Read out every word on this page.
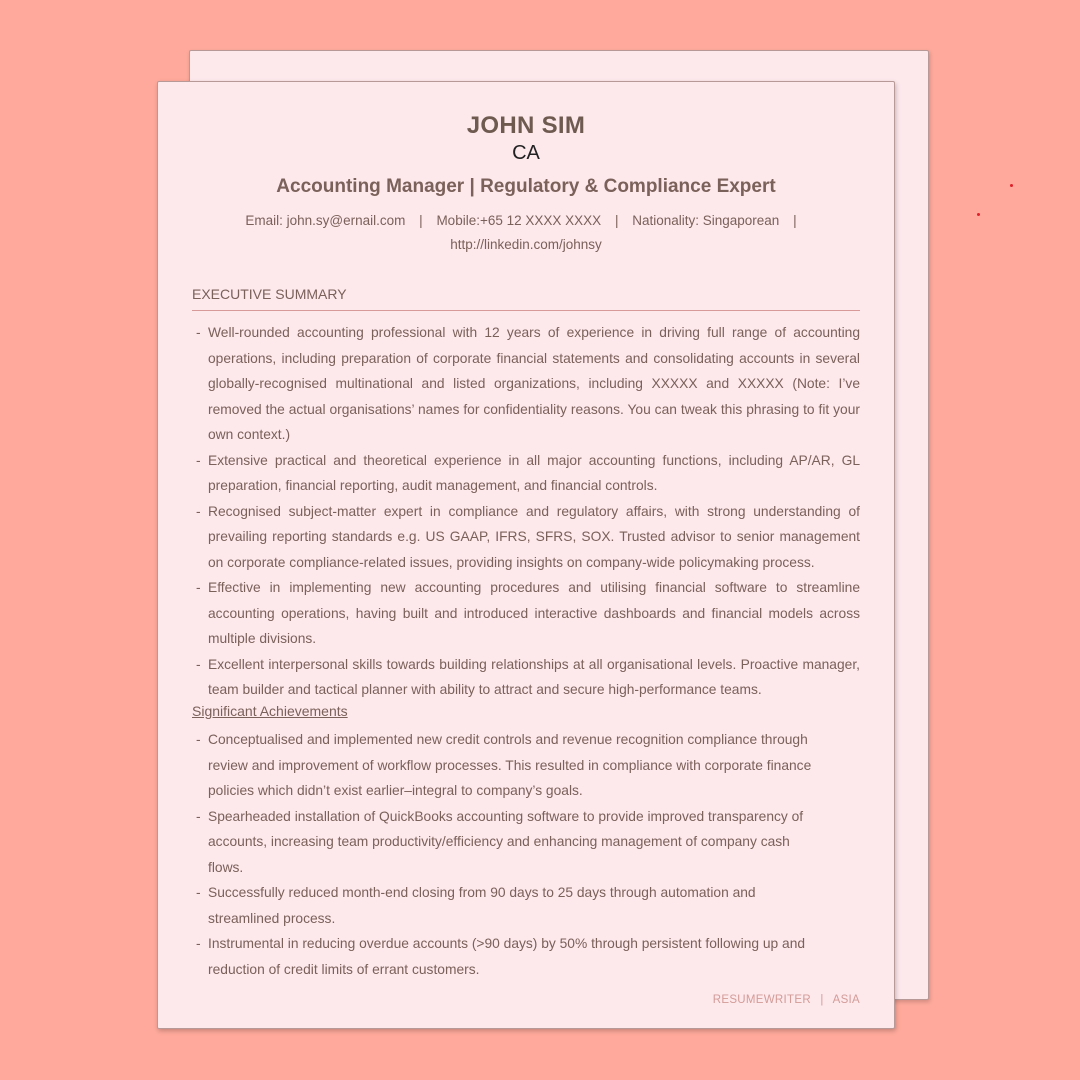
JOHN SIM
CA
Accounting Manager | Regulatory & Compliance Expert
Email: john.sy@ernail.com | Mobile:+65 12 XXXX XXXX | Nationality: Singaporean |
http://linkedin.com/johnsy
EXECUTIVE SUMMARY
- Well-rounded accounting professional with 12 years of experience in driving full range of accounting operations, including preparation of corporate financial statements and consolidating accounts in several globally-recognised multinational and listed organizations, including XXXXX and XXXXX (Note: I’ve removed the actual organisations’ names for confidentiality reasons. You can tweak this phrasing to fit your own context.)
- Extensive practical and theoretical experience in all major accounting functions, including AP/AR, GL preparation, financial reporting, audit management, and financial controls.
- Recognised subject-matter expert in compliance and regulatory affairs, with strong understanding of prevailing reporting standards e.g. US GAAP, IFRS, SFRS, SOX. Trusted advisor to senior management on corporate compliance-related issues, providing insights on company-wide policymaking process.
- Effective in implementing new accounting procedures and utilising financial software to streamline accounting operations, having built and introduced interactive dashboards and financial models across multiple divisions.
- Excellent interpersonal skills towards building relationships at all organisational levels. Proactive manager, team builder and tactical planner with ability to attract and secure high-performance teams.
Significant Achievements
- Conceptualised and implemented new credit controls and revenue recognition compliance through review and improvement of workflow processes. This resulted in compliance with corporate finance policies which didn’t exist earlier–integral to company’s goals.
- Spearheaded installation of QuickBooks accounting software to provide improved transparency of accounts, increasing team productivity/efficiency and enhancing management of company cash flows.
- Successfully reduced month-end closing from 90 days to 25 days through automation and streamlined process.
- Instrumental in reducing overdue accounts (>90 days) by 50% through persistent following up and reduction of credit limits of errant customers.
RESUMEWRITER | ASIA
